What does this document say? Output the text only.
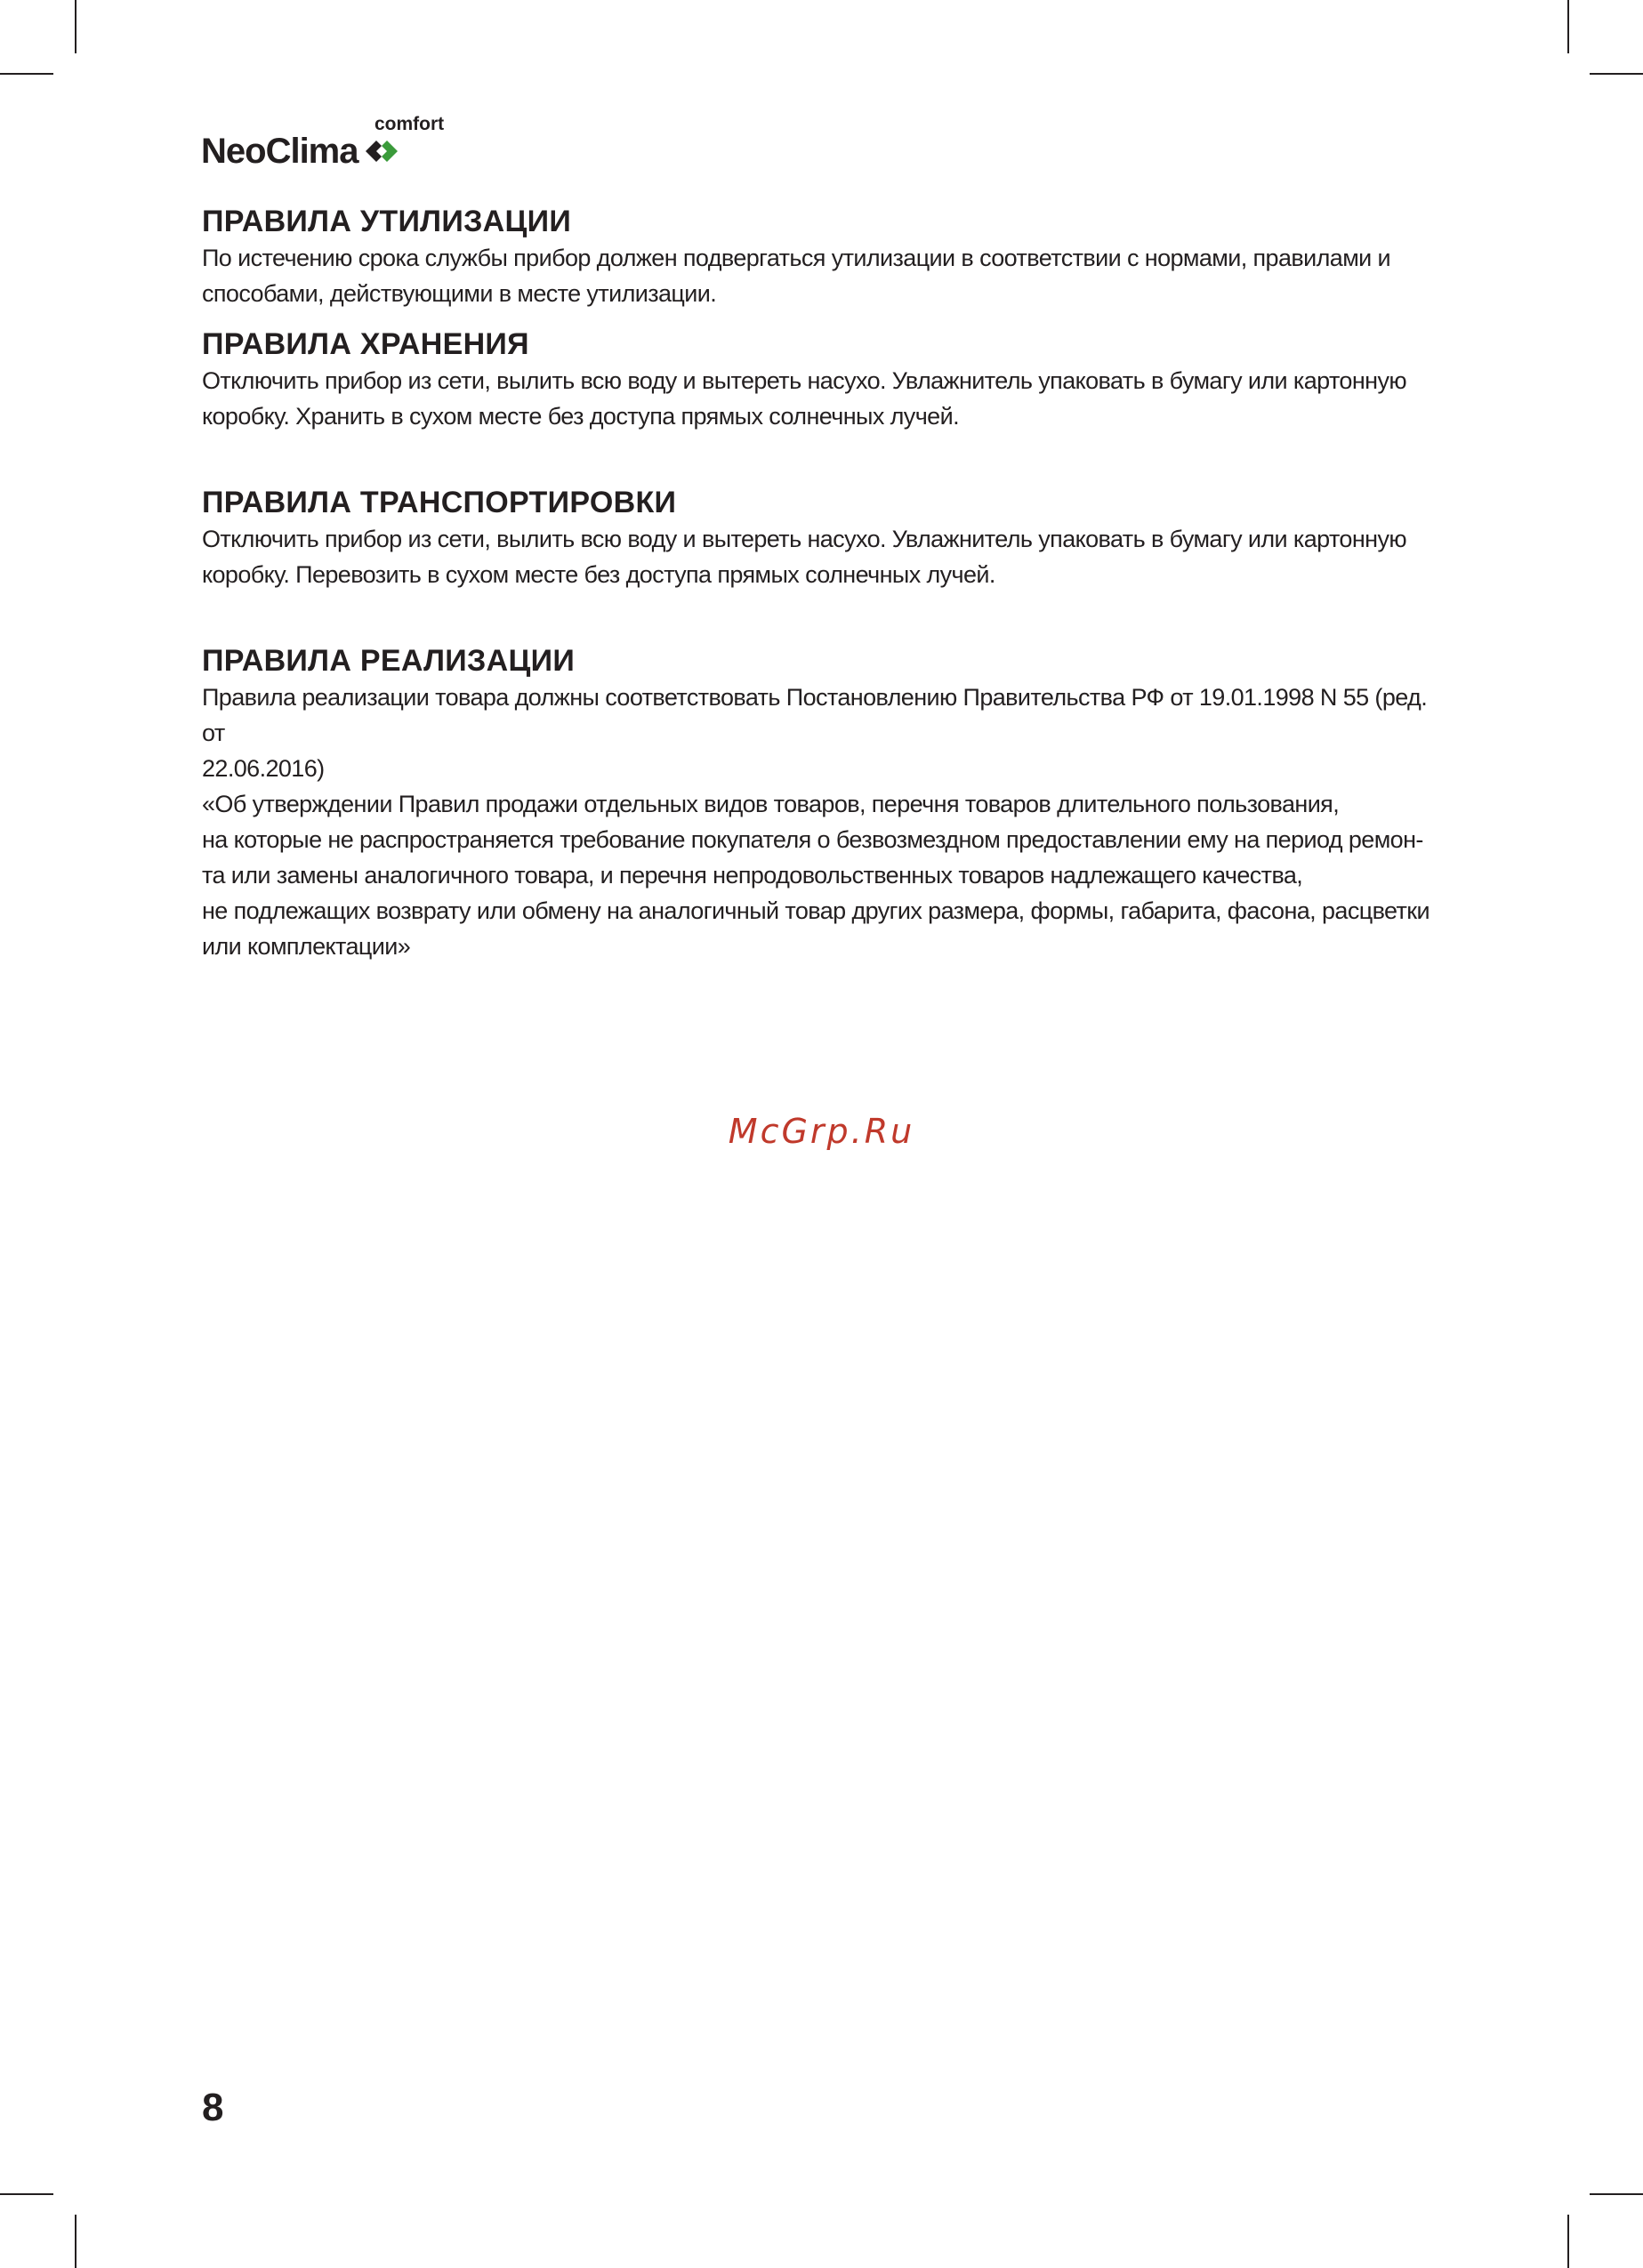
NeoClima
comfort
ПРАВИЛА УТИЛИЗАЦИИ

По истечению срока службы прибор должен подвергаться утилизации в соответствии с нормами, правилами и

способами, действующими в месте утилизации.

ПРАВИЛА ХРАНЕНИЯ

Отключить прибор из сети, вылить всю воду и вытереть насухо. Увлажнитель упаковать в бумагу или картонную

коробку. Хранить в сухом месте без доступа прямых солнечных лучей.

ПРАВИЛА ТРАНСПОРТИРОВКИ

Отключить прибор из сети, вылить всю воду и вытереть насухо. Увлажнитель упаковать в бумагу или картонную

коробку. Перевозить в сухом месте без доступа прямых солнечных лучей.

ПРАВИЛА РЕАЛИЗАЦИИ

Правила реализации товара должны соответствовать Постановлению Правительства РФ от 19.01.1998 N 55 (ред. от

22.06.2016)

«Об утверждении Правил продажи отдельных видов товаров, перечня товаров длительного пользования,

на которые не распространяется требование покупателя о безвозмездном предоставлении ему на период ремон-

та или замены аналогичного товара, и перечня непродовольственных товаров надлежащего качества,

не подлежащих возврату или обмену на аналогичный товар других размера, формы, габарита, фасона, расцветки

или комплектации»

McGrp.Ru
8
